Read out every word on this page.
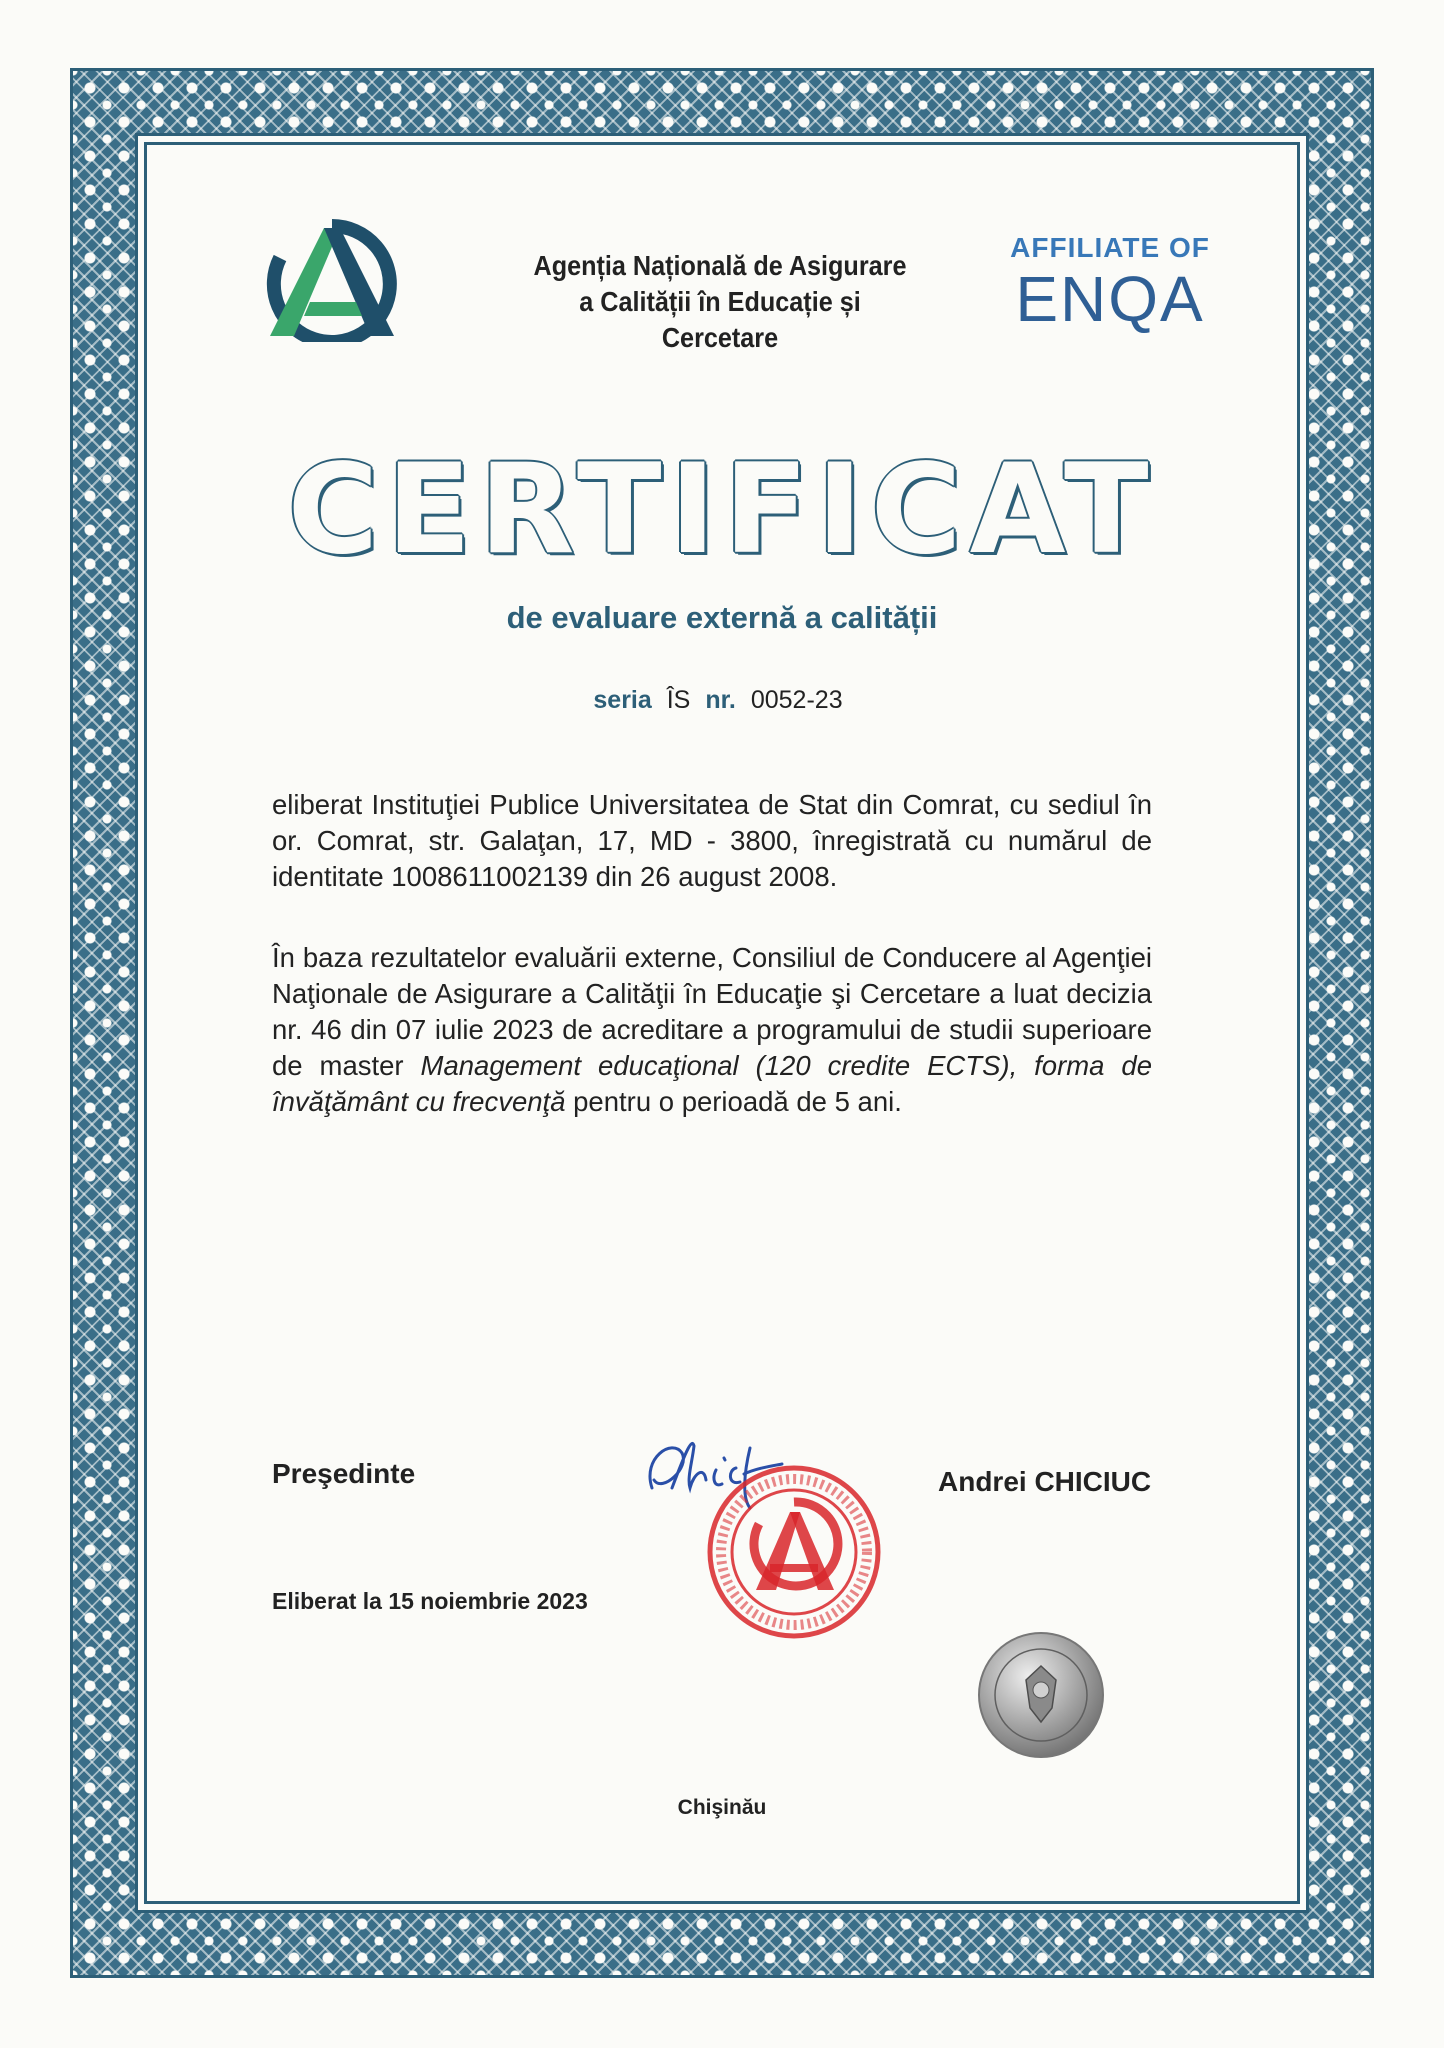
Agenția Națională de Asigurare
a Calității în Educație și Cercetare
AFFILIATE OF
ENQA
CERTIFICAT
de evaluare externă a calității
seria ÎS nr. 0052-23
eliberat Instituţiei Publice Universitatea de Stat din Comrat, cu sediul în or. Comrat, str. Galaţan, 17, MD - 3800, înregistrată cu numărul de identitate 1008611002139 din 26 august 2008.
În baza rezultatelor evaluării externe, Consiliul de Conducere al Agenţiei Naţionale de Asigurare a Calităţii în Educaţie şi Cercetare a luat decizia nr. 46 din 07 iulie 2023 de acreditare a programului de studii superioare de master Management educaţional (120 credite ECTS), forma de învăţământ cu frecvenţă pentru o perioadă de 5 ani.
Preşedinte	Andrei CHICIUC
Eliberat la 15 noiembrie 2023
Chişinău
